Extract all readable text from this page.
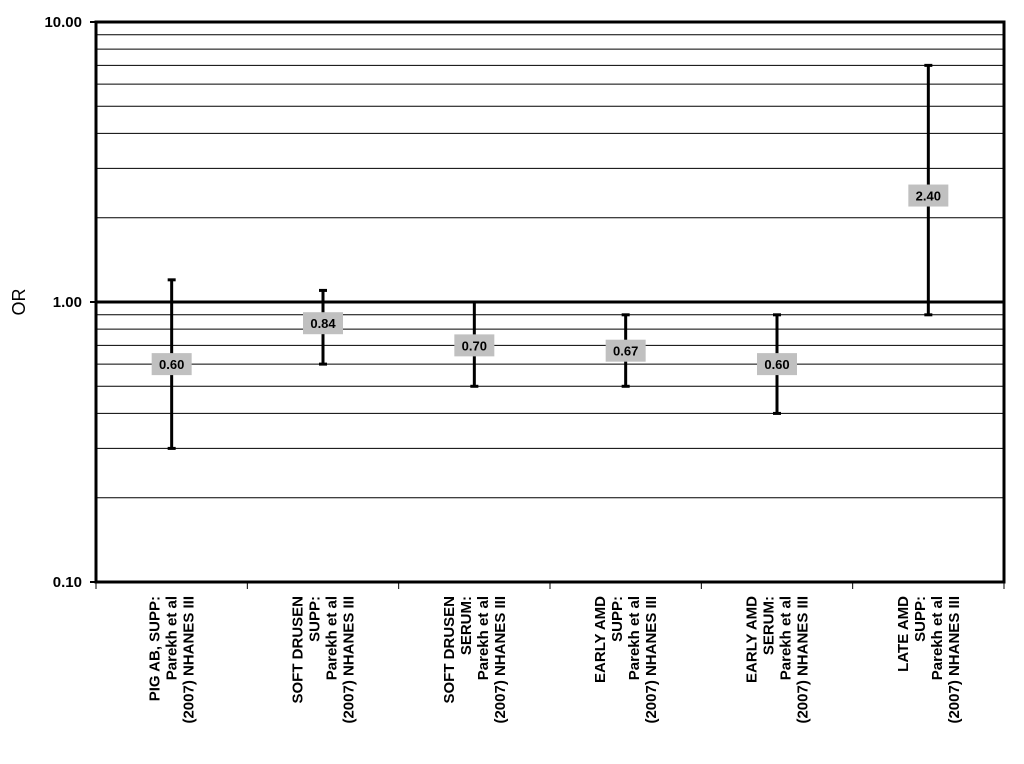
0.10
1.00
10.00
OR
0.60
0.84
0.70	0.67
0.60
2.40
PIG AB, SUPP: Parekh et al (2007) NHANES III	SOFT DRUSEN SUPP: Parekh et al (2007) NHANES III	SOFT DRUSEN SERUM: Parekh et al (2007) NHANES III	EARLY AMD SUPP: Parekh et al (2007) NHANES III	EARLY AMD SERUM: Parekh et al (2007) NHANES III	LATE AMD SUPP: Parekh et al (2007) NHANES III
